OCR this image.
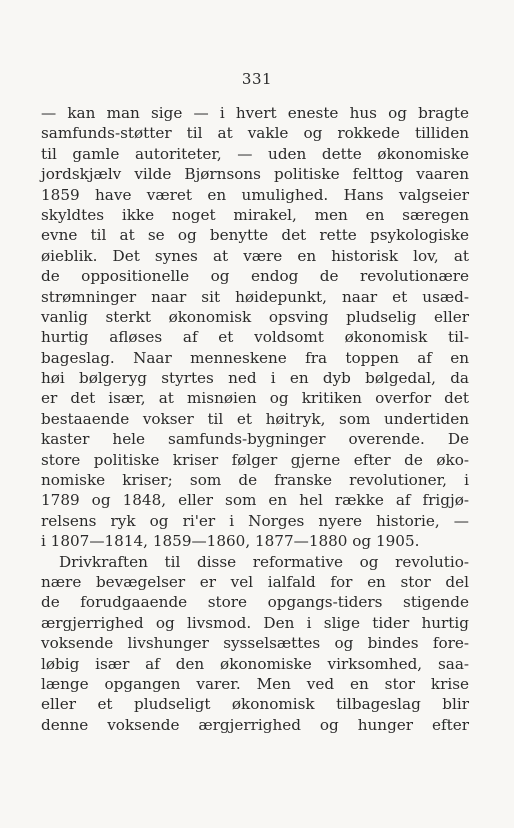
331
— kan man sige — i hvert eneste hus og bragte
samfunds-støtter til at vakle og rokkede tilliden
til gamle autoriteter, — uden dette økonomiske
jordskjælv vilde Bjørnsons politiske felttog vaaren
1859 have været en umulighed. Hans valgseier
skyldtes ikke noget mirakel, men en særegen
evne til at se og benytte det rette psykologiske
øieblik. Det synes at være en historisk lov, at
de oppositionelle og endog de revolutionære
strømninger naar sit høidepunkt, naar et usæd-
vanlig sterkt økonomisk opsving pludselig eller
hurtig afløses af et voldsomt økonomisk til-
bageslag. Naar menneskene fra toppen af en
høi bølgeryg styrtes ned i en dyb bølgedal, da
er det især, at misnøien og kritiken overfor det
bestaaende vokser til et høitryk, som undertiden
kaster hele samfunds-bygninger overende. De
store politiske kriser følger gjerne efter de øko-
nomiske kriser; som de franske revolutioner, i
1789 og 1848, eller som en hel række af frigjø-
relsens ryk og ri'er i Norges nyere historie, —
i 1807—1814, 1859—1860, 1877—1880 og 1905.
Drivkraften til disse reformative og revolutio-
nære bevægelser er vel ialfald for en stor del
de forudgaaende store opgangs-tiders stigende
ærgjerrighed og livsmod. Den i slige tider hurtig
voksende livshunger sysselsættes og bindes fore-
løbig især af den økonomiske virksomhed, saa-
længe opgangen varer. Men ved en stor krise
eller et pludseligt økonomisk tilbageslag blir
denne voksende ærgjerrighed og hunger efter
